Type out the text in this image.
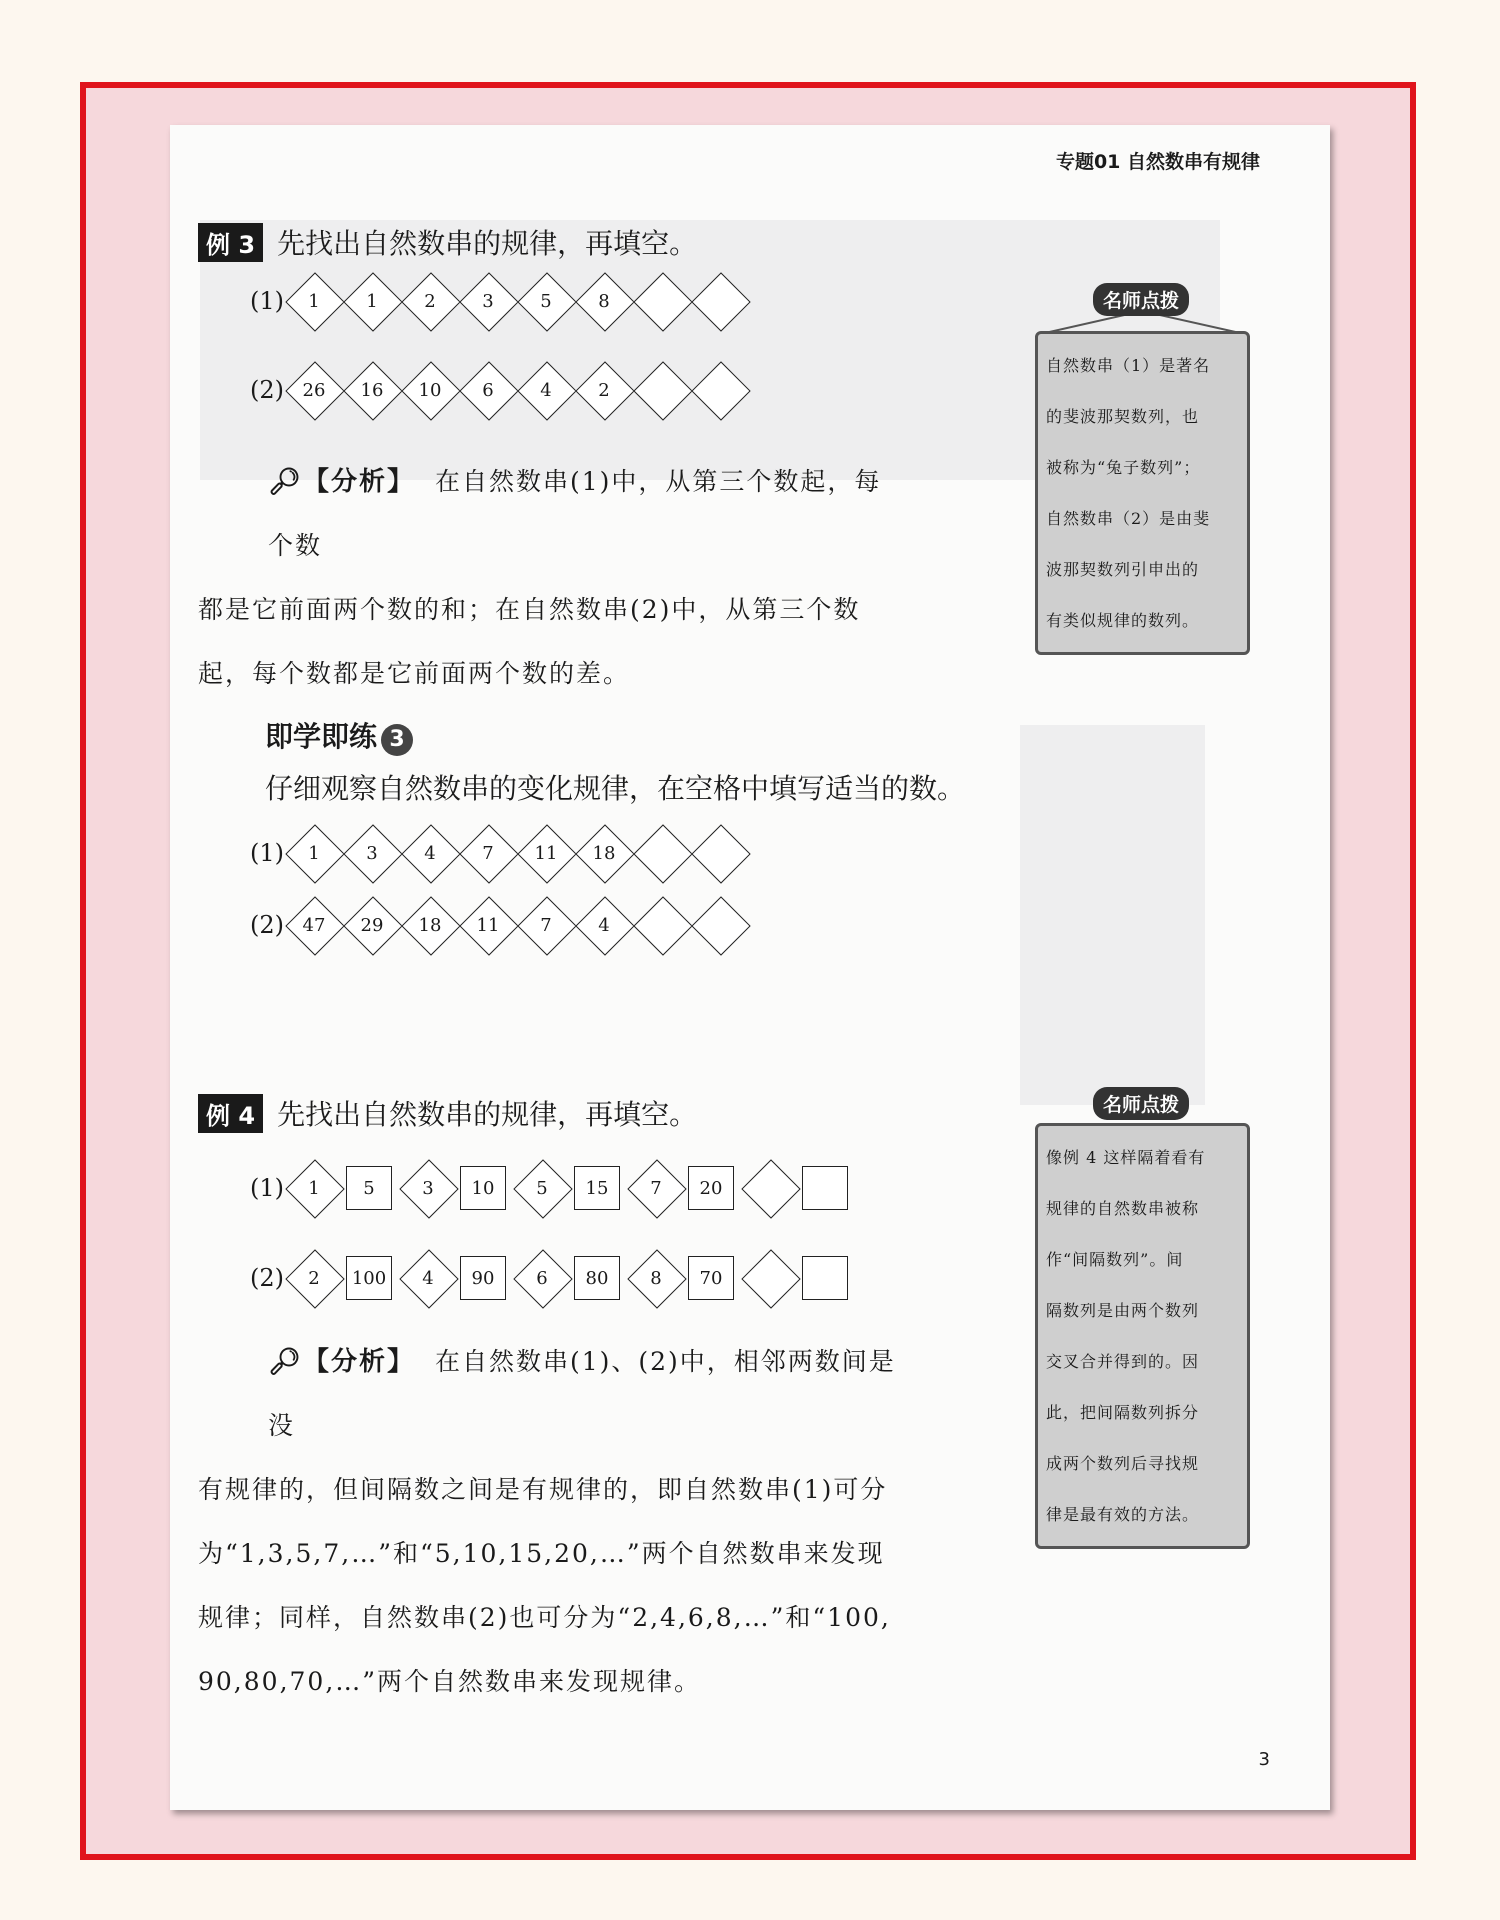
专题01 自然数串有规律
例 3 先找出自然数串的规律，再填空。
(1)	1	1	2	3	5	8
(2)	26	16	10	6	4	2
🔎︎【分析】 在自然数串(1)中，从第三个数起，每个数
都是它前面两个数的和；在自然数串(2)中，从第三个数
起，每个数都是它前面两个数的差。
名师点拨
自然数串（1）是著名
的斐波那契数列，也
被称为“兔子数列”；
自然数串（2）是由斐
波那契数列引申出的
有类似规律的数列。
即学即练 3
仔细观察自然数串的变化规律，在空格中填写适当的数。
(1)	1	3	4	7	11	18
(2)	47	29	18	11	7	4
例 4 先找出自然数串的规律，再填空。
(1)	1	5	3	10	5	15	7	20
(2)	2	100	4	90	6	80	8	70
🔎︎【分析】 在自然数串(1)、(2)中，相邻两数间是没
有规律的，但间隔数之间是有规律的，即自然数串(1)可分
为“1,3,5,7,…”和“5,10,15,20,…”两个自然数串来发现
规律；同样，自然数串(2)也可分为“2,4,6,8,…”和“100,
90,80,70,…”两个自然数串来发现规律。
名师点拨
像例 4 这样隔着看有
规律的自然数串被称
作“间隔数列”。间
隔数列是由两个数列
交叉合并得到的。因
此，把间隔数列拆分
成两个数列后寻找规
律是最有效的方法。
3
